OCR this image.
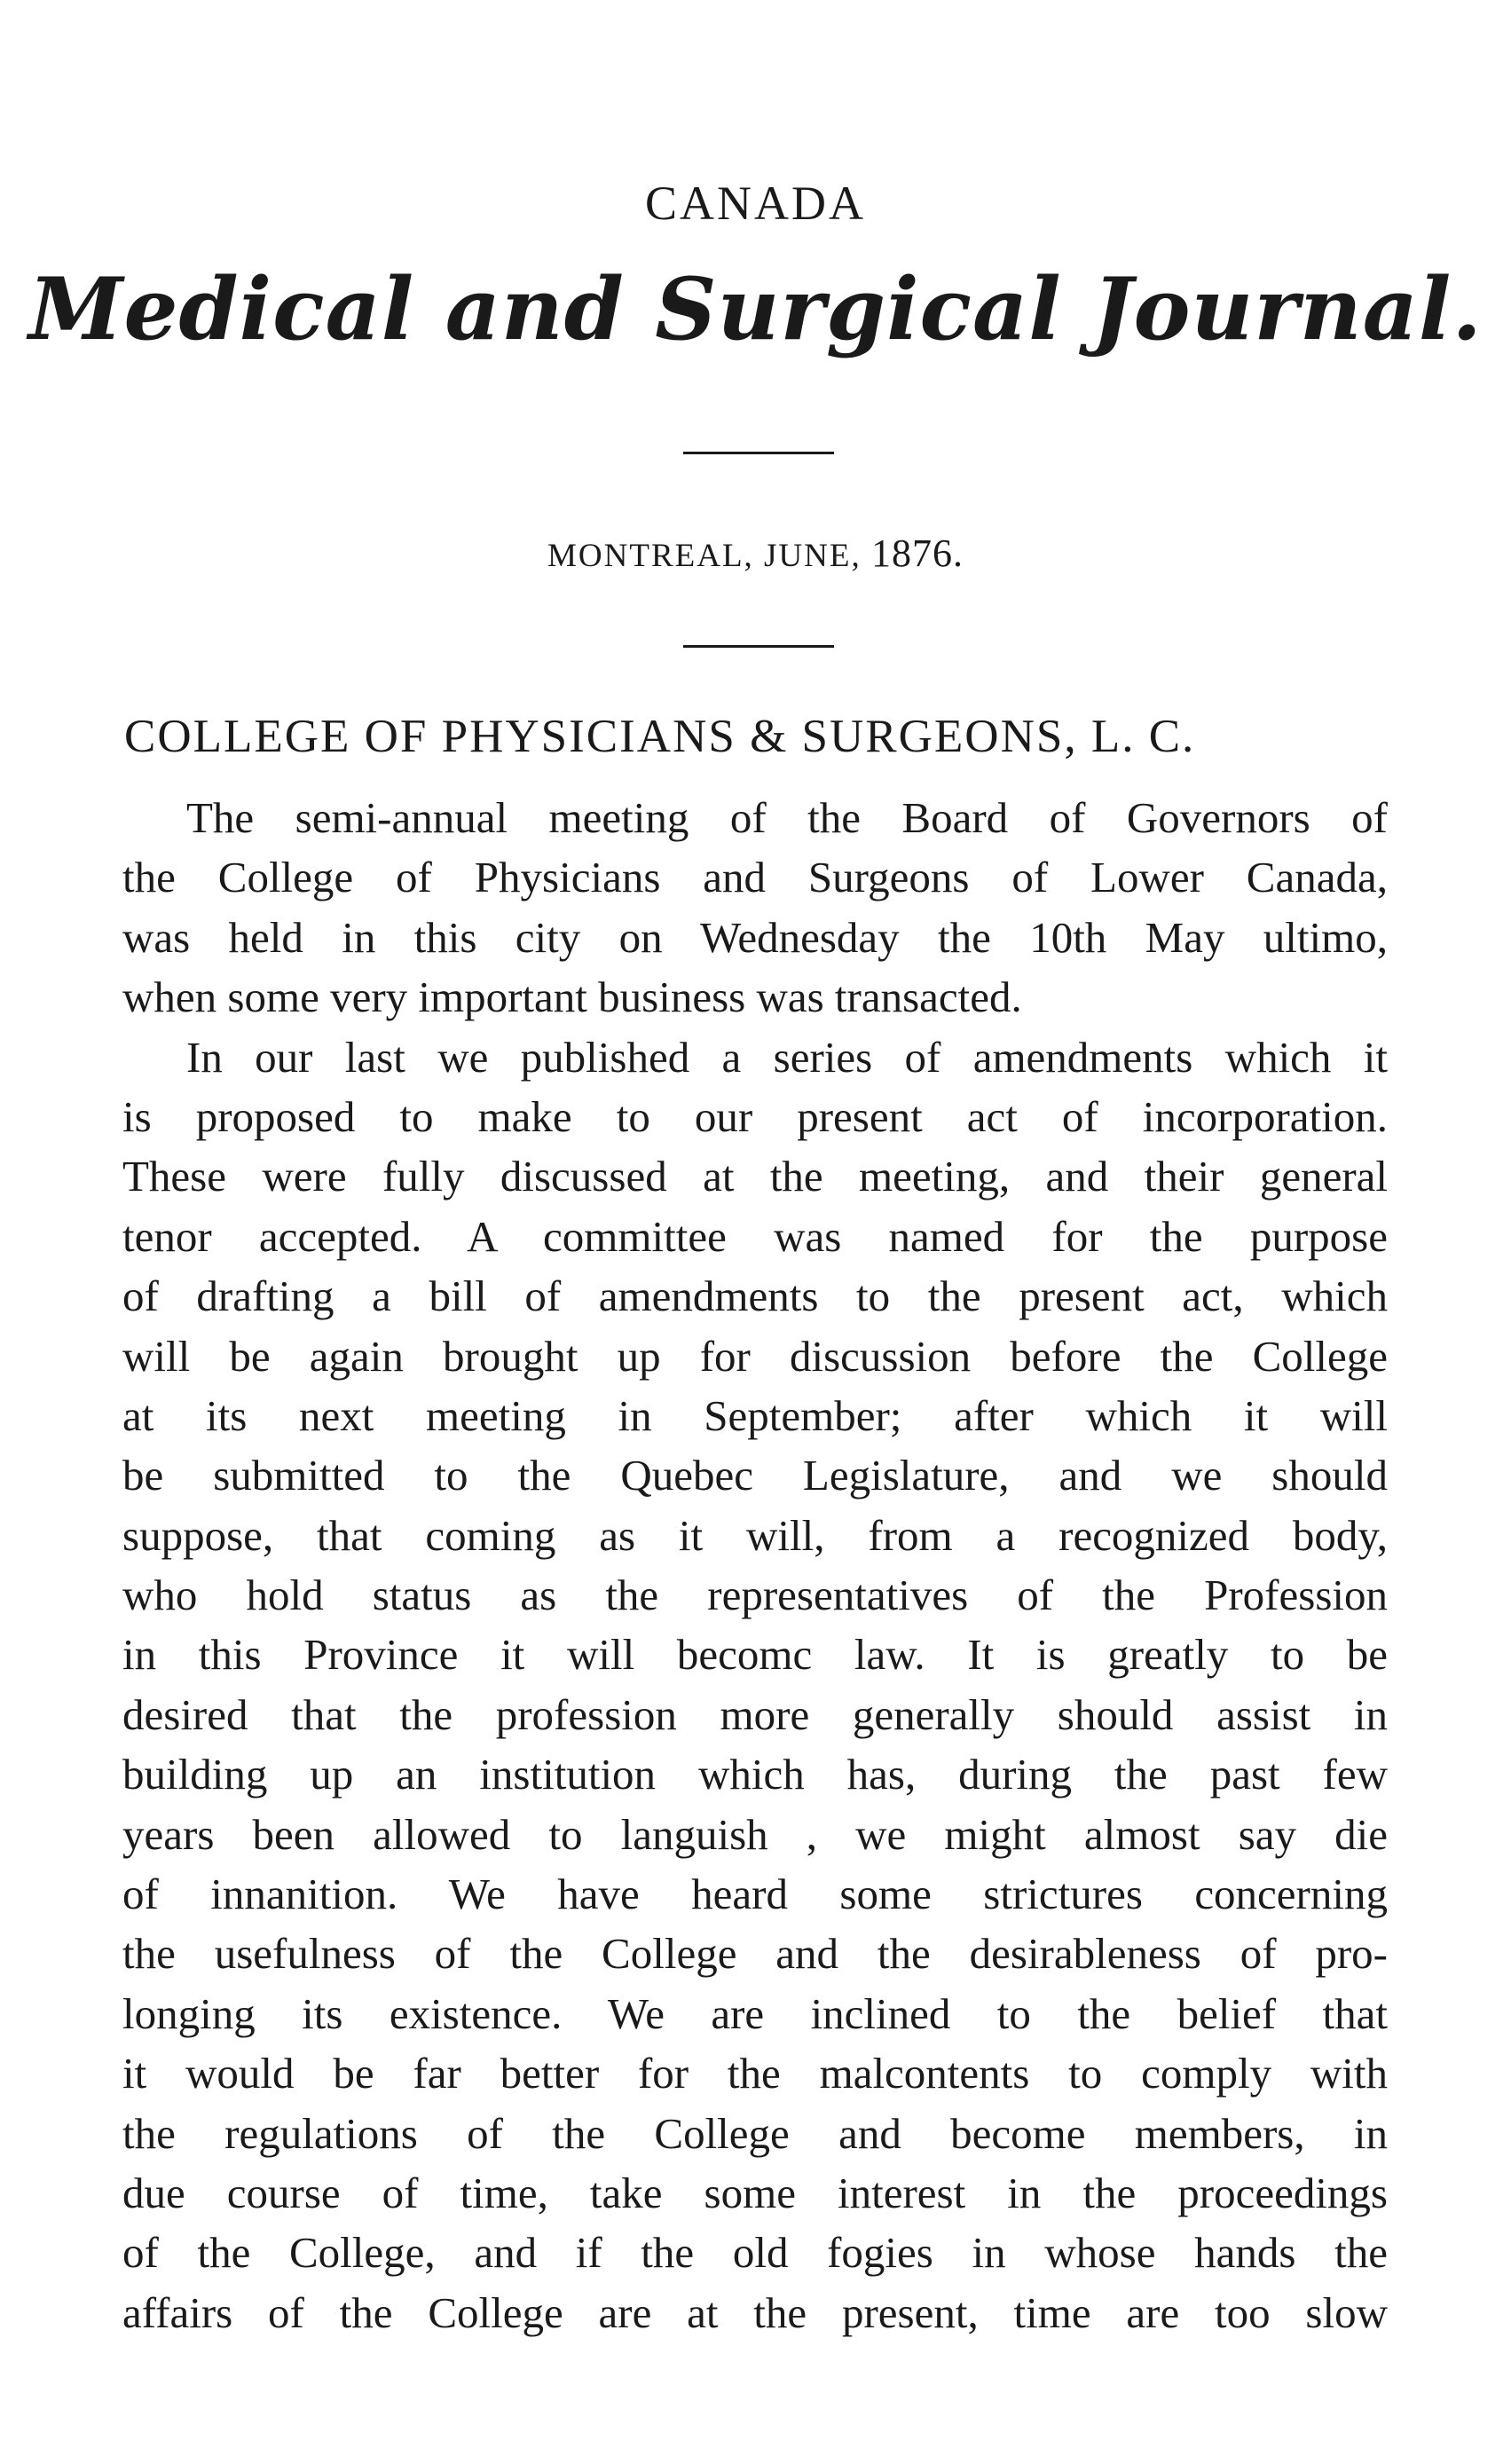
CANADA
Medical and Surgical Journal.
MONTREAL, JUNE, 1876.
COLLEGE OF PHYSICIANS & SURGEONS, L. C.
The semi-annual meeting of the Board of Governors of
the College of Physicians and Surgeons of Lower Canada,
was held in this city on Wednesday the 10th May ultimo,
when some very important business was transacted.
In our last we published a series of amendments which it
is proposed to make to our present act of incorporation.
These were fully discussed at the meeting, and their general
tenor accepted. A committee was named for the purpose
of drafting a bill of amendments to the present act, which
will be again brought up for discussion before the College
at its next meeting in September; after which it will
be submitted to the Quebec Legislature, and we should
suppose, that coming as it will, from a recognized body,
who hold status as the representatives of the Profession
in this Province it will becomc law. It is greatly to be
desired that the profession more generally should assist in
building up an institution which has, during the past few
years been allowed to languish , we might almost say die
of innanition. We have heard some strictures concerning
the usefulness of the College and the desirableness of pro-
longing its existence. We are inclined to the belief that
it would be far better for the malcontents to comply with
the regulations of the College and become members, in
due course of time, take some interest in the proceedings
of the College, and if the old fogies in whose hands the
affairs of the College are at the present, time are too slow
